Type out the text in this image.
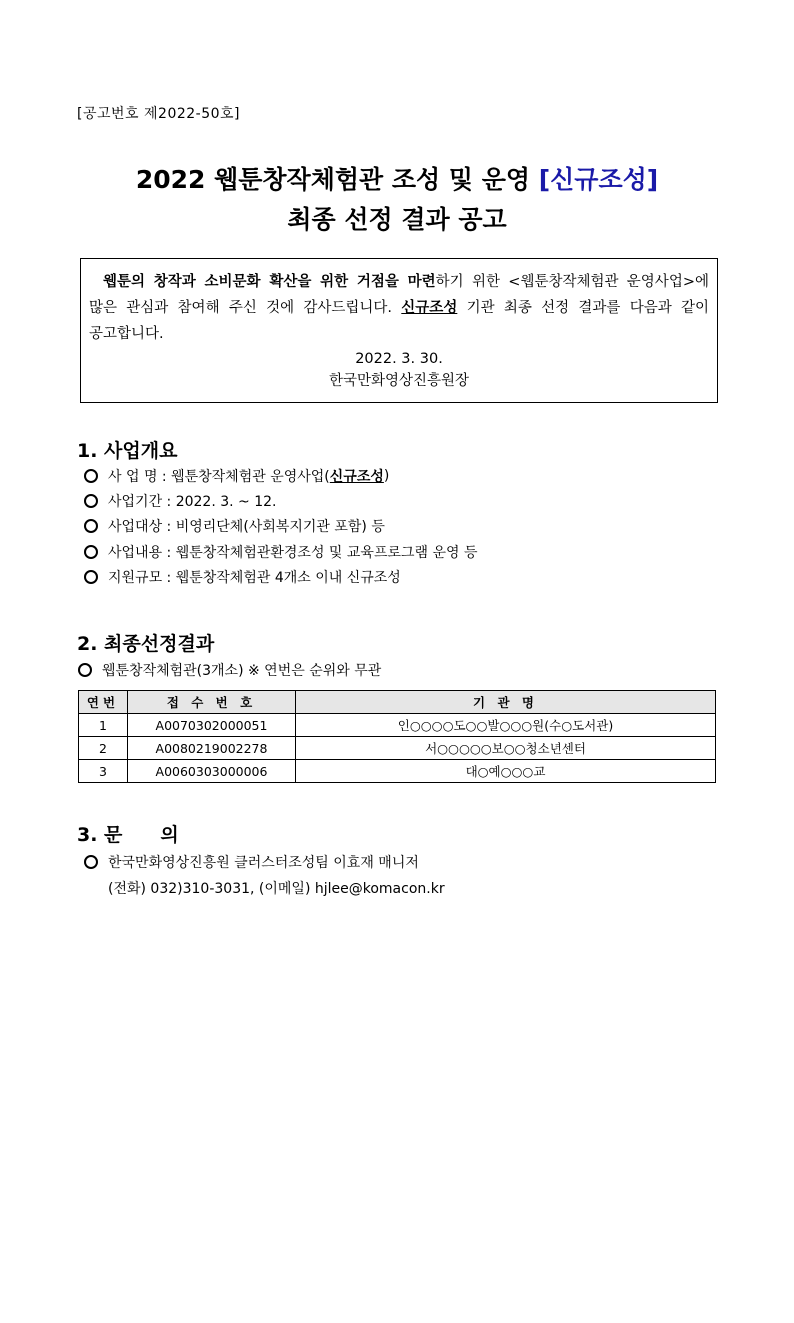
[공고번호 제2022-50호]
2022 웹툰창작체험관 조성 및 운영 [신규조성]
최종 선정 결과 공고

웹툰의 창작과 소비문화 확산을 위한 거점을 마련하기 위한 <웹툰창작체험관 운영사업>에 많은 관심과 참여해 주신 것에 감사드립니다. 신규조성 기관 최종 선정 결과를 다음과 같이 공고합니다.

2022. 3. 30.
한국만화영상진흥원장
1. 사업개요
사 업 명 : 웹툰창작체험관 운영사업( 신규조성 )
사업기간 : 2022. 3. ~ 12.
사업대상 : 비영리단체(사회복지기관 포함) 등
사업내용 : 웹툰창작체험관환경조성 및 교육프로그램 운영 등
지원규모 : 웹툰창작체험관 4개소 이내 신규조성
2. 최종선정결과
웹툰창작체험관(3개소) ※ 연번은 순위와 무관
연번	접 수 번 호	기 관 명
1	A0070302000051	인○○○○도○○발○○○원(수○도서관)
2	A0080219002278	서○○○○○보○○청소년센터
3	A0060303000006	대○예○○○교
3. 문　　의
한국만화영상진흥원 클러스터조성팀 이효재 매니저
(전화) 032)310-3031, (이메일) hjlee@komacon.kr
